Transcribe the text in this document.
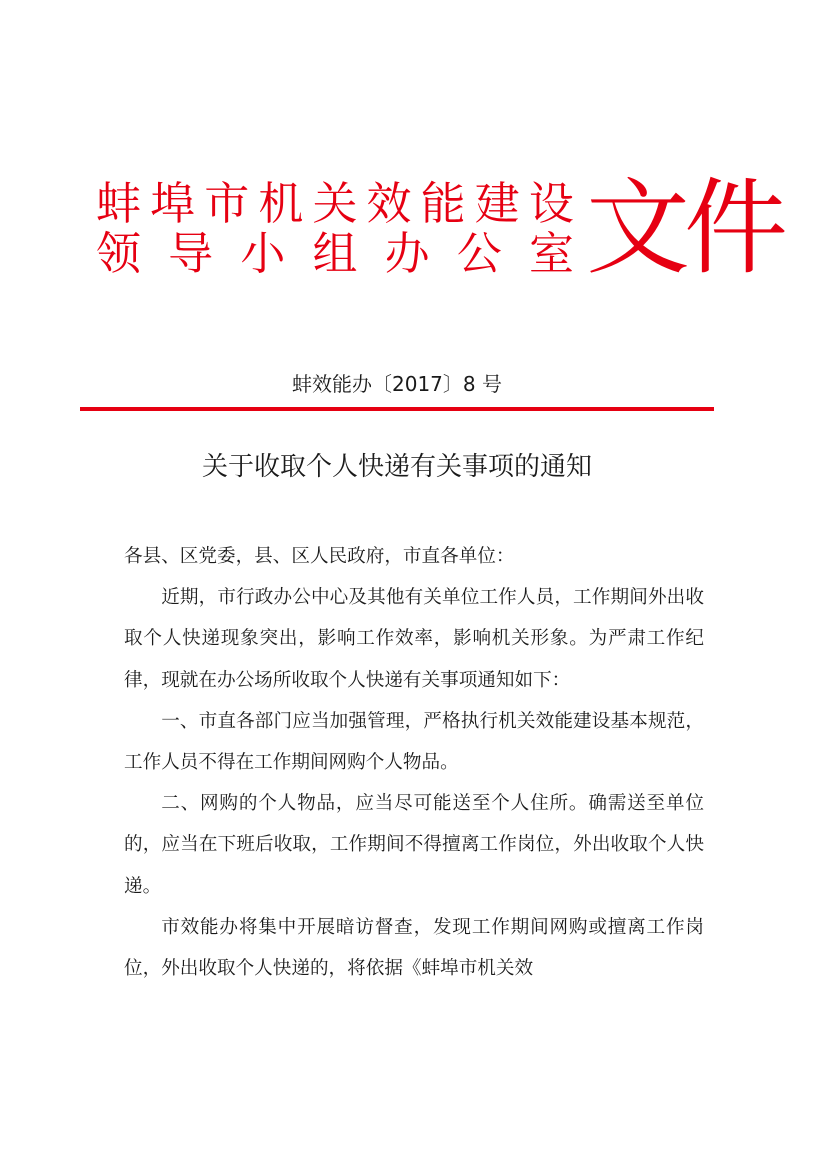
蚌 埠 市 机 关 效 能 建 设
领 导 小 组 办 公 室 文件
蚌效能办〔2017〕8 号
关于收取个人快递有关事项的通知

各县、区党委，县、区人民政府，市直各单位：

近期，市行政办公中心及其他有关单位工作人员，工作期间外出收取个人快递现象突出，影响工作效率，影响机关形象。为严肃工作纪律，现就在办公场所收取个人快递有关事项通知如下：

一、市直各部门应当加强管理，严格执行机关效能建设基本规范，工作人员不得在工作期间网购个人物品。

二、网购的个人物品，应当尽可能送至个人住所。确需送至单位的，应当在下班后收取，工作期间不得擅离工作岗位，外出收取个人快递。

市效能办将集中开展暗访督查，发现工作期间网购或擅离工作岗位，外出收取个人快递的，将依据《蚌埠市机关效
